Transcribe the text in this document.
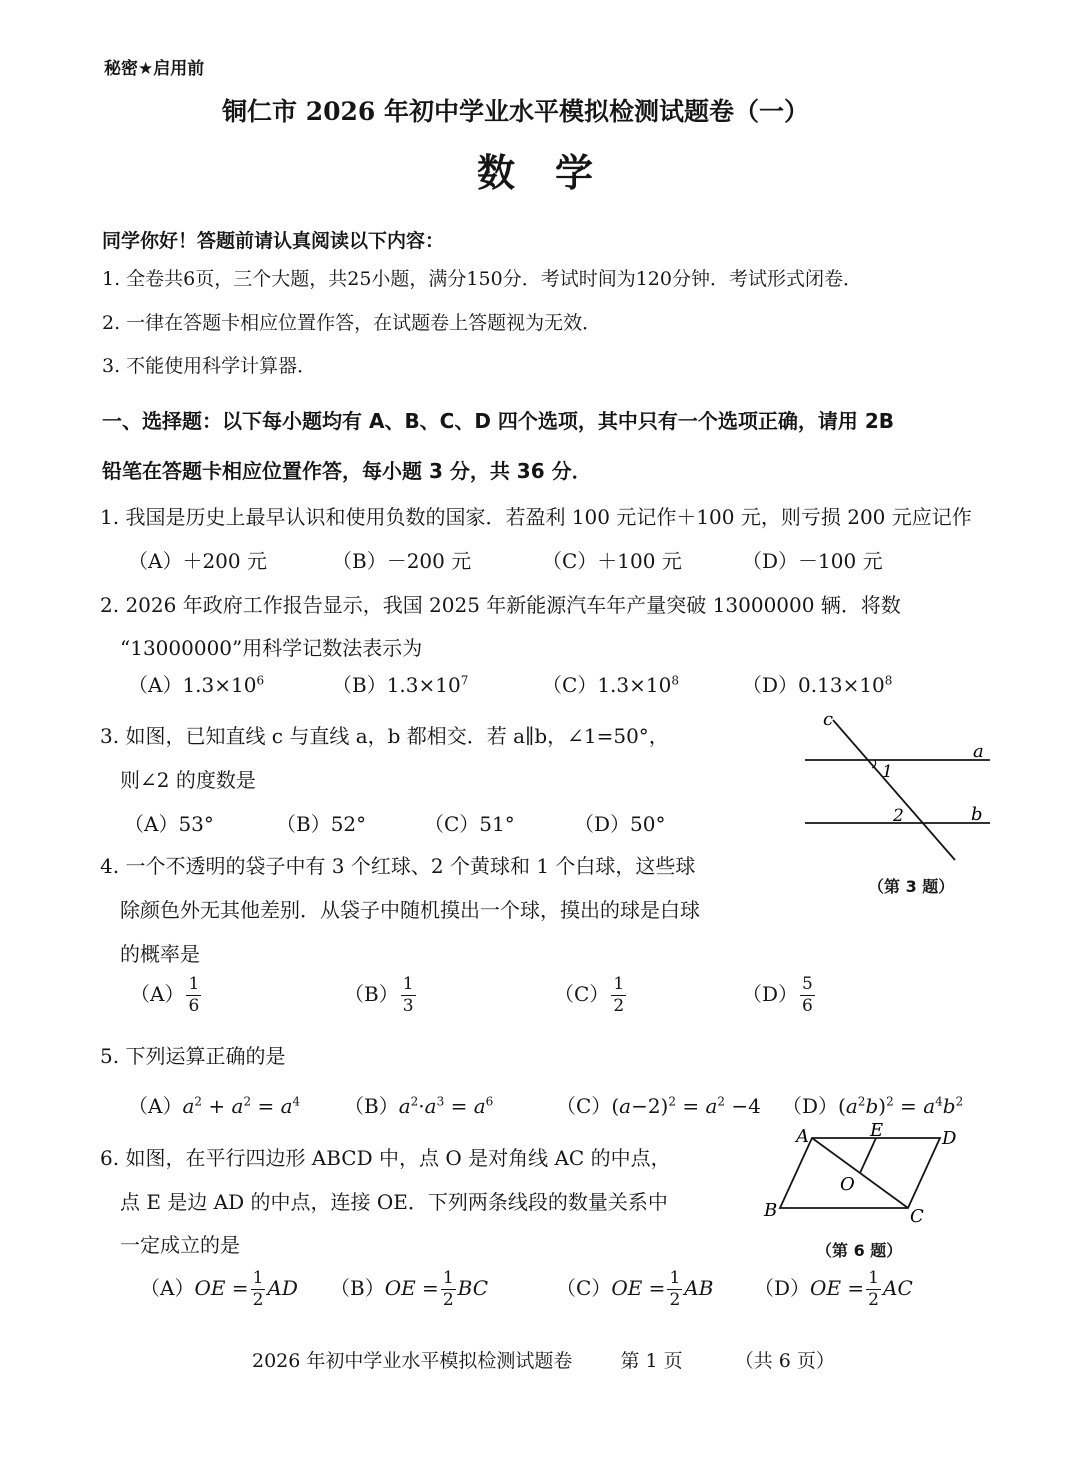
秘密★启用前
铜仁市 2026 年初中学业水平模拟检测试题卷（一）
数学
同学你好！答题前请认真阅读以下内容：
1. 全卷共6页，三个大题，共25小题，满分150分．考试时间为120分钟．考试形式闭卷．
2. 一律在答题卡相应位置作答，在试题卷上答题视为无效．
3. 不能使用科学计算器．
一、选择题：以下每小题均有 A、B、C、D 四个选项，其中只有一个选项正确，请用 2B
铅笔在答题卡相应位置作答，每小题 3 分，共 36 分．
1. 我国是历史上最早认识和使用负数的国家．若盈利 100 元记作＋100 元，则亏损 200 元应记作
（A）＋200 元	（B）－200 元	（C）＋100 元	（D）－100 元
2. 2026 年政府工作报告显示，我国 2025 年新能源汽车年产量突破 13000000 辆．将数
“13000000”用科学记数法表示为
$(A)1.3\times 10^6$	$(B)1.3\times 10^7$	$(C)1.3\times 10^8$	$(D)0.13\times 10^8$
3. 如图，已知直线 c 与直线 a，b 都相交．若 a∥b，∠1=50°，
则∠2 的度数是
（A）53°	（B）52°	（C）51°	（D）50°
c
a
b
1
2
（第 3 题）
4. 一个不透明的袋子中有 3 个红球、2 个黄球和 1 个白球，这些球
除颜色外无其他差别．从袋子中随机摸出一个球，摸出的球是白球
的概率是
$(A) \frac{1}{6}$	$(B) \frac{1}{3}$	$(C) \frac{1}{2}$	$(D) \frac{5}{6}$
5. 下列运算正确的是
$(A)a^2 + a^2 = a^4$ $(B)a^2\cdot a^3 = a^6$	$(C)(a-2)^2 = a^2 -4$ $(D)(a^2b)^2 = a^4b^2$
6. 如图，在平行四边形 ABCD 中，点 O 是对角线 AC 的中点，
点 E 是边 AD 的中点，连接 OE．下列两条线段的数量关系中
一定成立的是
A	E	D
O
B	C
（第 6 题）
$(A)OE = \frac{1}{2}$ AD $(B)OE = \frac{1}{2}$ BC	$(C)OE = \frac{1}{2}$ AB $(D)OE = \frac{1}{2}$ AC
2026 年初中学业水平模拟检测试题卷	第 1 页	（共 6 页）
